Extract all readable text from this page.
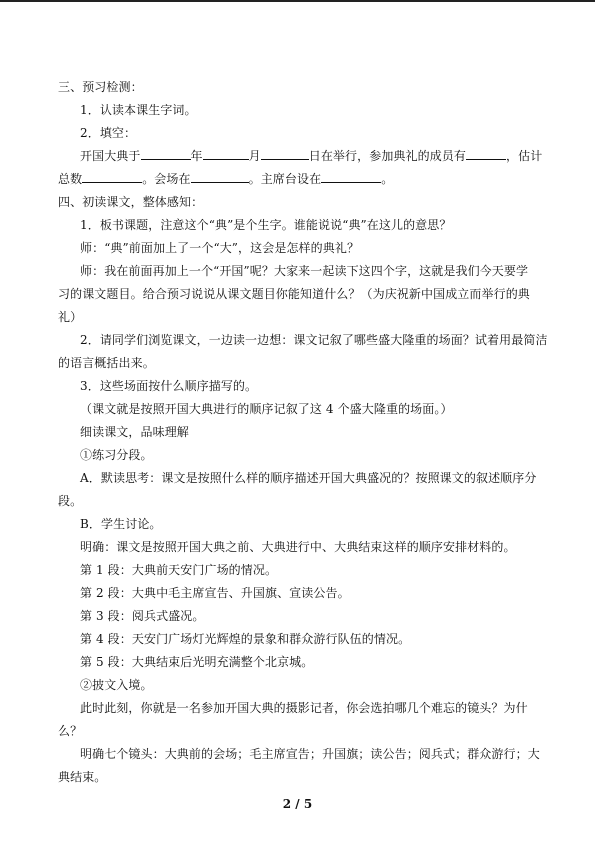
三、预习检测：
1．认读本课生字词。
2．填空：
开国大典于	年	月	日在举行，参加典礼的成员有	，估计
总数	。会场在	。主席台设在	。
四、初读课文，整体感知：
1．板书课题，注意这个“典”是个生字。谁能说说“典”在这儿的意思？
师：“典”前面加上了一个“大”，这会是怎样的典礼？
师：我在前面再加上一个“开国”呢？大家来一起读下这四个字，这就是我们今天要学
习的课文题目。给合预习说说从课文题目你能知道什么？（为庆祝新中国成立而举行的典
礼）
2．请同学们浏览课文，一边读一边想：课文记叙了哪些盛大隆重的场面？试着用最简洁
的语言概括出来。
3．这些场面按什么顺序描写的。
（课文就是按照开国大典进行的顺序记叙了这 4 个盛大隆重的场面。）
细读课文，品味理解
①练习分段。
A．默读思考：课文是按照什么样的顺序描述开国大典盛况的？按照课文的叙述顺序分
段。
B．学生讨论。
明确：课文是按照开国大典之前、大典进行中、大典结束这样的顺序安排材料的。
第 1 段：大典前天安门广场的情况。
第 2 段：大典中毛主席宣告、升国旗、宣读公告。
第 3 段：阅兵式盛况。
第 4 段：天安门广场灯光辉煌的景象和群众游行队伍的情况。
第 5 段：大典结束后光明充满整个北京城。
②披文入境。
此时此刻，你就是一名参加开国大典的摄影记者，你会选拍哪几个难忘的镜头？为什
么？
明确七个镜头：大典前的会场；毛主席宣告；升国旗；读公告；阅兵式；群众游行；大
典结束。
2 / 5
